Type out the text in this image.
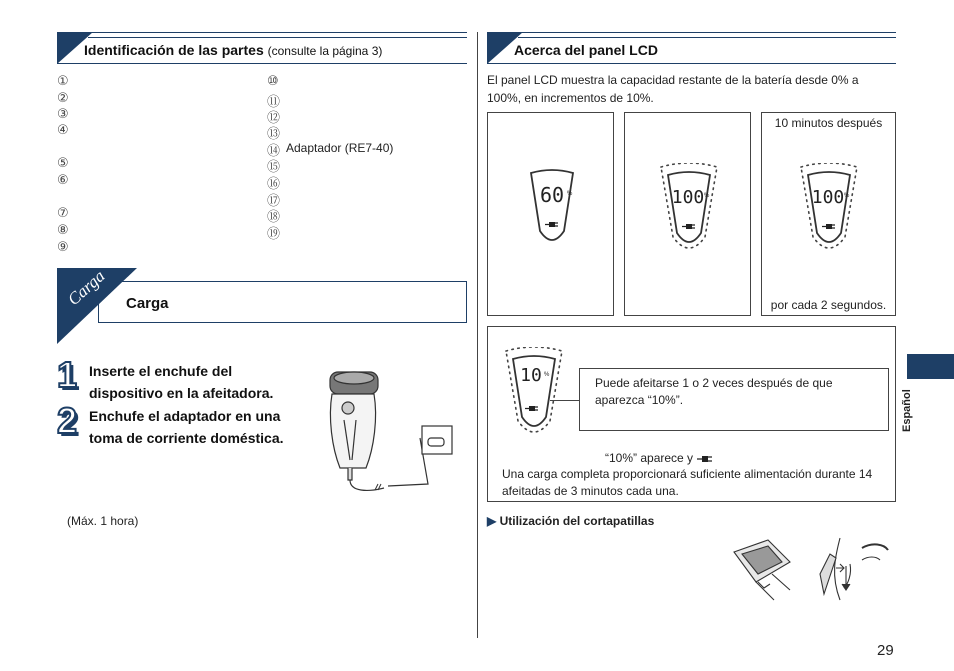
Identificación de las partes (consulte la página 3)
①
②
③
④
⑤
⑥
⑦
⑧
⑨
⑩
⑪
⑫
⑬
⑭ Adaptador (RE7-40)
⑮
⑯
⑰
⑱
⑲
Carga Carga
1 Inserte el enchufe del dispositivo en la afeitadora.
2 Enchufe el adaptador en una toma de corriente doméstica.
(Máx. 1 hora)
Acerca del panel LCD
El panel LCD muestra la capacidad restante de la batería desde 0% a 100%, en incrementos de 10%.
60 %	100 %
10 minutos después
100 %
por cada 2 segundos.
10 %
Puede afeitarse 1 o 2 veces después de que aparezca “10%”.
“10%” aparece y
Una carga completa proporcionará suficiente alimentación durante 14 afeitadas de 3 minutos cada una.
▶ Utilización del cortapatillas
Español
29
